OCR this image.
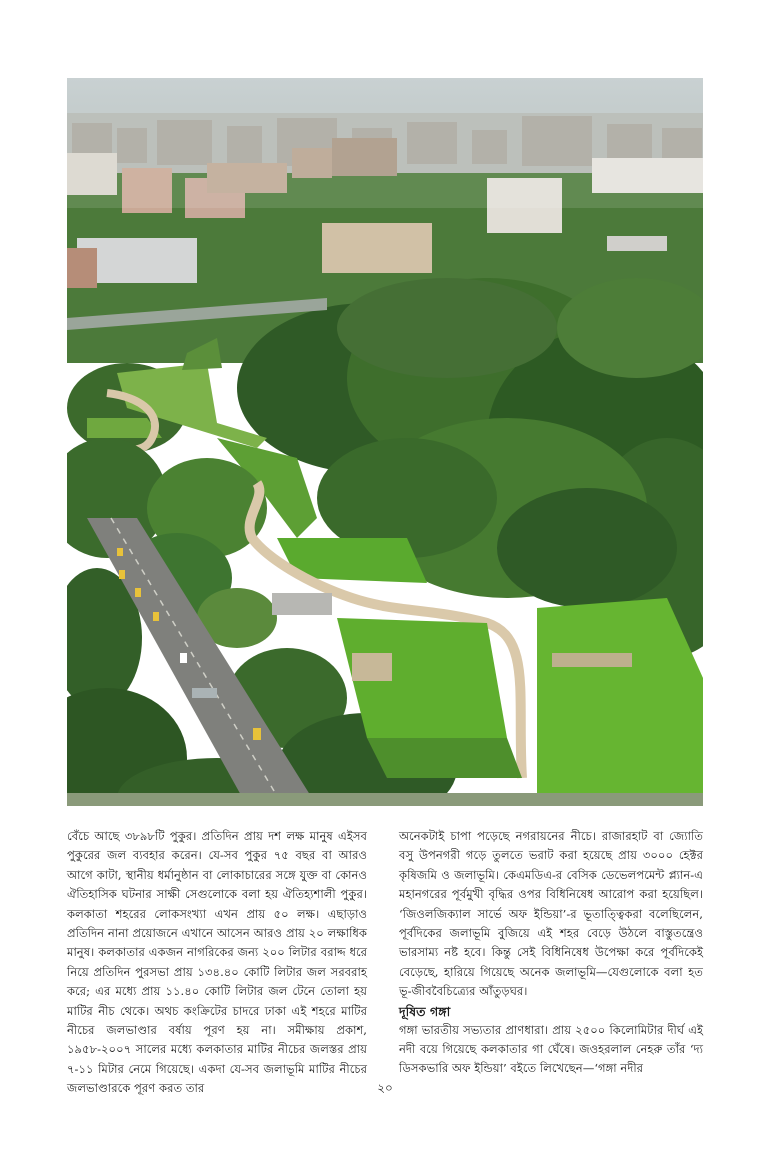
বেঁচে আছে ৩৮৯৮টি পুকুর। প্রতিদিন প্রায় দশ লক্ষ মানুষ এইসব পুকুরের জল ব্যবহার করেন। যে-সব পুকুর ৭৫ বছর বা আরও আগে কাটা, স্থানীয় ধর্মানুষ্ঠান বা লোকাচারের সঙ্গে যুক্ত বা কোনও ঐতিহাসিক ঘটনার সাক্ষী সেগুলোকে বলা হয় ঐতিহ্যশালী পুকুর। কলকাতা শহরের লোকসংখ্যা এখন প্রায় ৫০ লক্ষ। এছাড়াও প্রতিদিন নানা প্রয়োজনে এখানে আসেন আরও প্রায় ২০ লক্ষাধিক মানুষ। কলকাতার একজন নাগরিকের জন্য ২০০ লিটার বরাদ্দ ধরে নিয়ে প্রতিদিন পুরসভা প্রায় ১৩৪.৪০ কোটি লিটার জল সরবরাহ করে; এর মধ্যে প্রায় ১১.৪০ কোটি লিটার জল টেনে তোলা হয় মাটির নীচ থেকে। অথচ কংক্রিটের চাদরে ঢাকা এই শহরে মাটির নীচের জলভাণ্ডার বর্ষায় পূরণ হয় না। সমীক্ষায় প্রকাশ, ১৯৫৮-২০০৭ সালের মধ্যে কলকাতার মাটির নীচের জলস্তর প্রায় ৭-১১ মিটার নেমে গিয়েছে। একদা যে-সব জলাভূমি মাটির নীচের জলভাণ্ডারকে পূরণ করত তার

অনেকটাই চাপা পড়েছে নগরায়নের নীচে। রাজারহাট বা জ্যোতি বসু উপনগরী গড়ে তুলতে ভরাট করা হয়েছে প্রায় ৩০০০ হেক্টর কৃষিজমি ও জলাভূমি। কেএমডিএ-র বেসিক ডেভেলপমেন্ট প্ল্যান-এ মহানগরের পূর্বমুখী বৃদ্ধির ওপর বিধিনিষেধ আরোপ করা হয়েছিল। ‘জিওলজিক্যাল সার্ভে অফ ইন্ডিয়া’-র ভূতাত্ত্বিকরা বলেছিলেন, পূর্বদিকের জলাভূমি বুজিয়ে এই শহর বেড়ে উঠলে বাস্তুতন্ত্রেও ভারসাম্য নষ্ট হবে। কিন্তু সেই বিধিনিষেধ উপেক্ষা করে পূর্বদিকেই বেড়েছে, হারিয়ে গিয়েছে অনেক জলাভূমি—যেগুলোকে বলা হত ভূ-জীববৈচিত্র্যের আঁতুড়ঘর।

দূষিত গঙ্গা

গঙ্গা ভারতীয় সভ্যতার প্রাণধারা। প্রায় ২৫০০ কিলোমিটার দীর্ঘ এই নদী বয়ে গিয়েছে কলকাতার গা ঘেঁষে। জওহরলাল নেহরু তাঁর ‘দ্য ডিসকভারি অফ ইন্ডিয়া’ বইতে লিখেছেন—‘গঙ্গা নদীর

২০
